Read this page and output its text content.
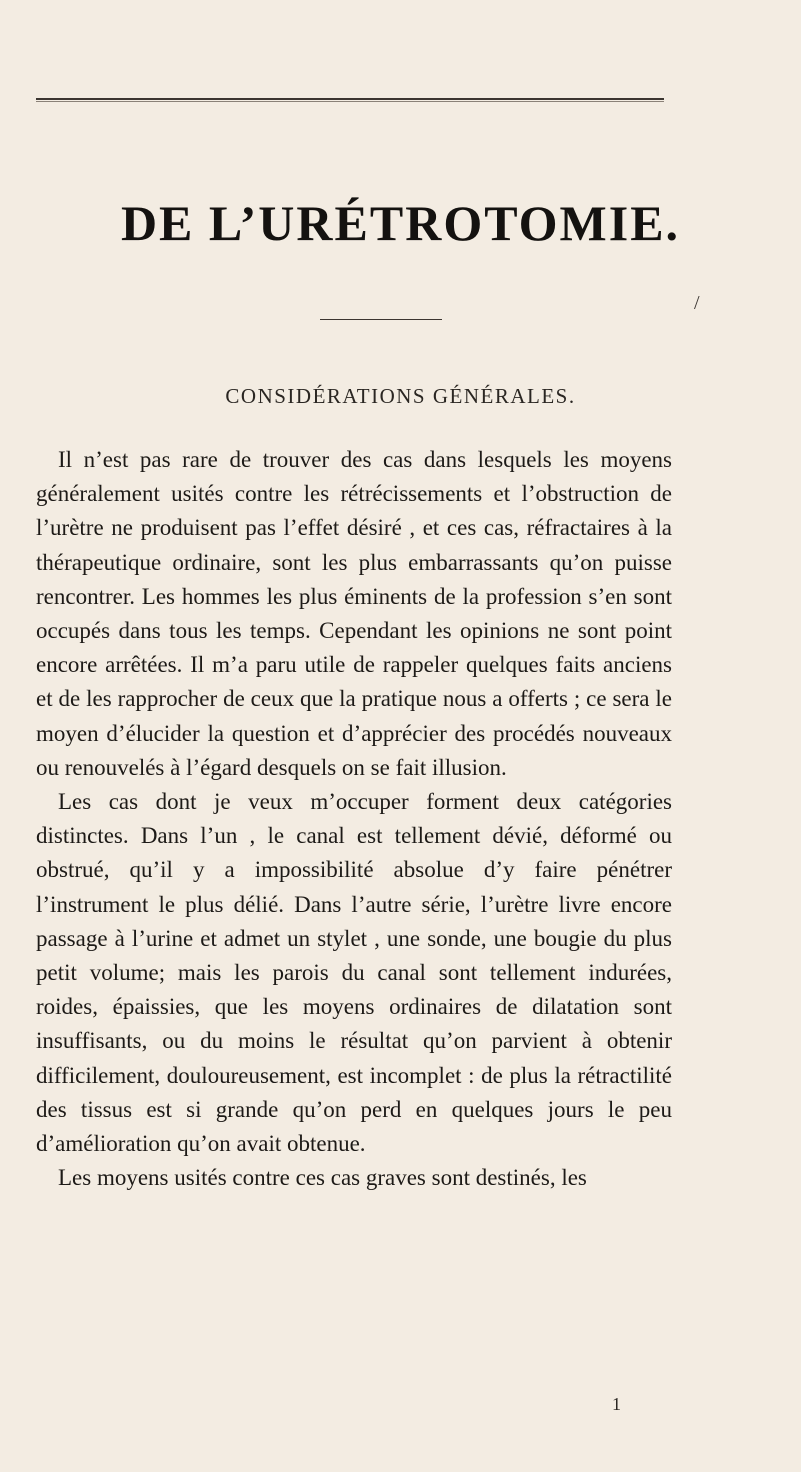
DE L’URÉTROTOMIE.
/
CONSIDÉRATIONS GÉNÉRALES.

Il n’est pas rare de trouver des cas dans lesquels les moyens généralement usités contre les rétrécissements et l’obstruction de l’urètre ne produisent pas l’effet désiré , et ces cas, réfractaires à la thérapeutique ordinaire, sont les plus embarrassants qu’on puisse rencontrer. Les hommes les plus éminents de la profession s’en sont occupés dans tous les temps. Cependant les opinions ne sont point encore arrêtées. Il m’a paru utile de rappeler quelques faits anciens et de les rapprocher de ceux que la pratique nous a offerts ; ce sera le moyen d’élucider la question et d’apprécier des procédés nouveaux ou renouvelés à l’égard desquels on se fait illusion.

Les cas dont je veux m’occuper forment deux catégories distinctes. Dans l’un , le canal est tellement dévié, déformé ou obstrué, qu’il y a impossibilité absolue d’y faire pénétrer l’instrument le plus délié. Dans l’autre série, l’urètre livre encore passage à l’urine et admet un stylet , une sonde, une bougie du plus petit volume; mais les parois du canal sont tellement indurées, roides, épaissies, que les moyens ordinaires de dilatation sont insuffisants, ou du moins le résultat qu’on parvient à obtenir difficilement, douloureusement, est incomplet : de plus la rétractilité des tissus est si grande qu’on perd en quelques jours le peu d’amélioration qu’on avait obtenue.

Les moyens usités contre ces cas graves sont destinés, les

1
